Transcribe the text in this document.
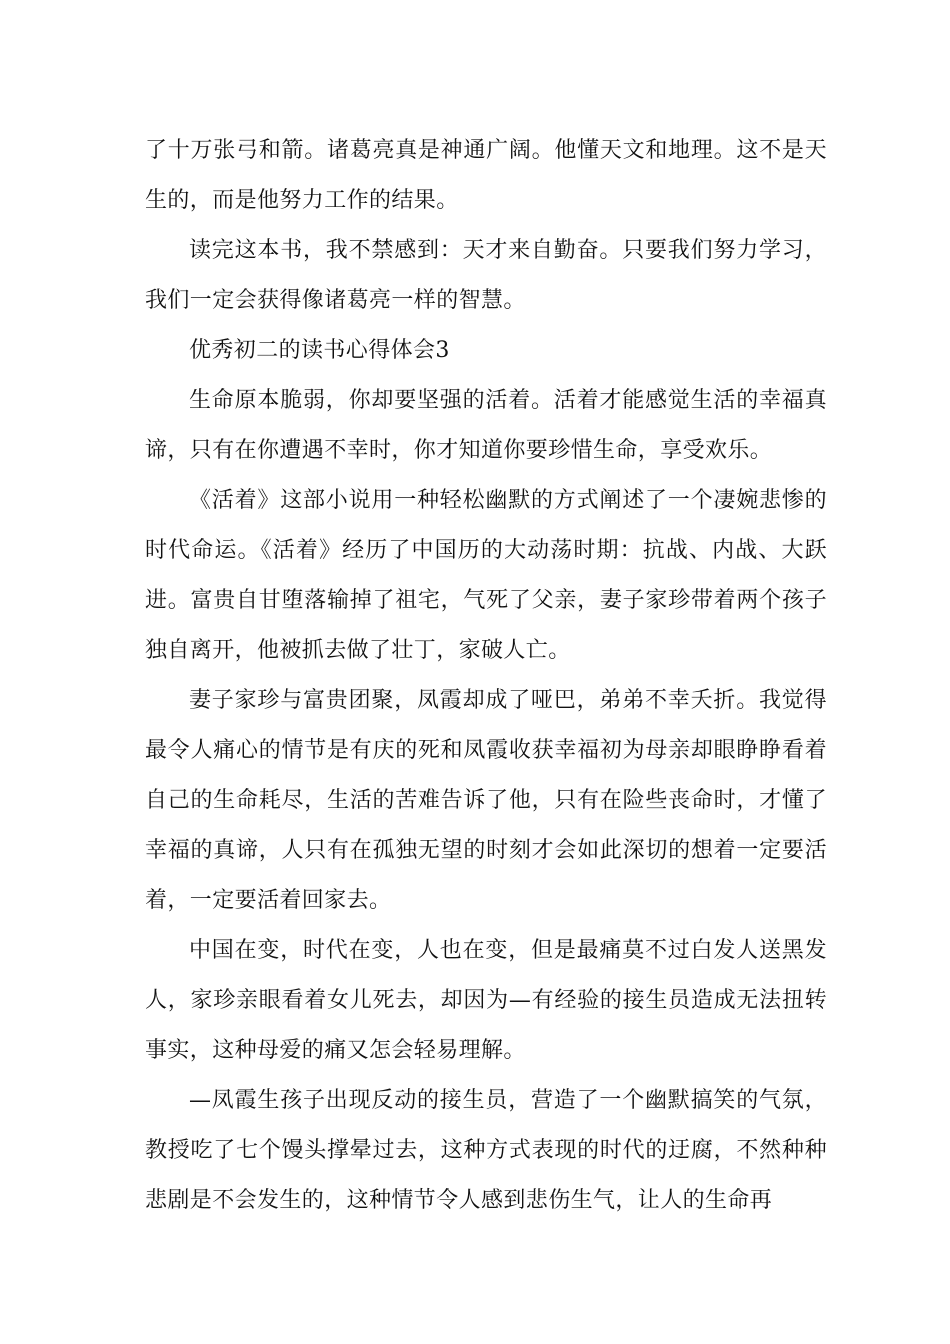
了十万张弓和箭。诸葛亮真是神通广阔。他懂天文和地理。这不是天生的，而是他努力工作的结果。

读完这本书，我不禁感到：天才来自勤奋。只要我们努力学习，我们一定会获得像诸葛亮一样的智慧。

优秀初二的读书心得体会3

生命原本脆弱，你却要坚强的活着。活着才能感觉生活的幸福真谛，只有在你遭遇不幸时，你才知道你要珍惜生命，享受欢乐。

《活着》这部小说用一种轻松幽默的方式阐述了一个凄婉悲惨的时代命运。《活着》经历了中国历的大动荡时期：抗战、内战、大跃进。富贵自甘堕落输掉了祖宅，气死了父亲，妻子家珍带着两个孩子独自离开，他被抓去做了壮丁，家破人亡。

妻子家珍与富贵团聚，凤霞却成了哑巴，弟弟不幸夭折。我觉得最令人痛心的情节是有庆的死和凤霞收获幸福初为母亲却眼睁睁看着自己的生命耗尽，生活的苦难告诉了他，只有在险些丧命时，才懂了幸福的真谛，人只有在孤独无望的时刻才会如此深切的想着一定要活着，一定要活着回家去。

中国在变，时代在变，人也在变，但是最痛莫不过白发人送黑发人，家珍亲眼看着女儿死去，却因为—有经验的接生员造成无法扭转事实，这种母爱的痛又怎会轻易理解。

—凤霞生孩子出现反动的接生员，营造了一个幽默搞笑的气氛，教授吃了七个馒头撑晕过去，这种方式表现的时代的迂腐，不然种种悲剧是不会发生的，这种情节令人感到悲伤生气，让人的生命再
